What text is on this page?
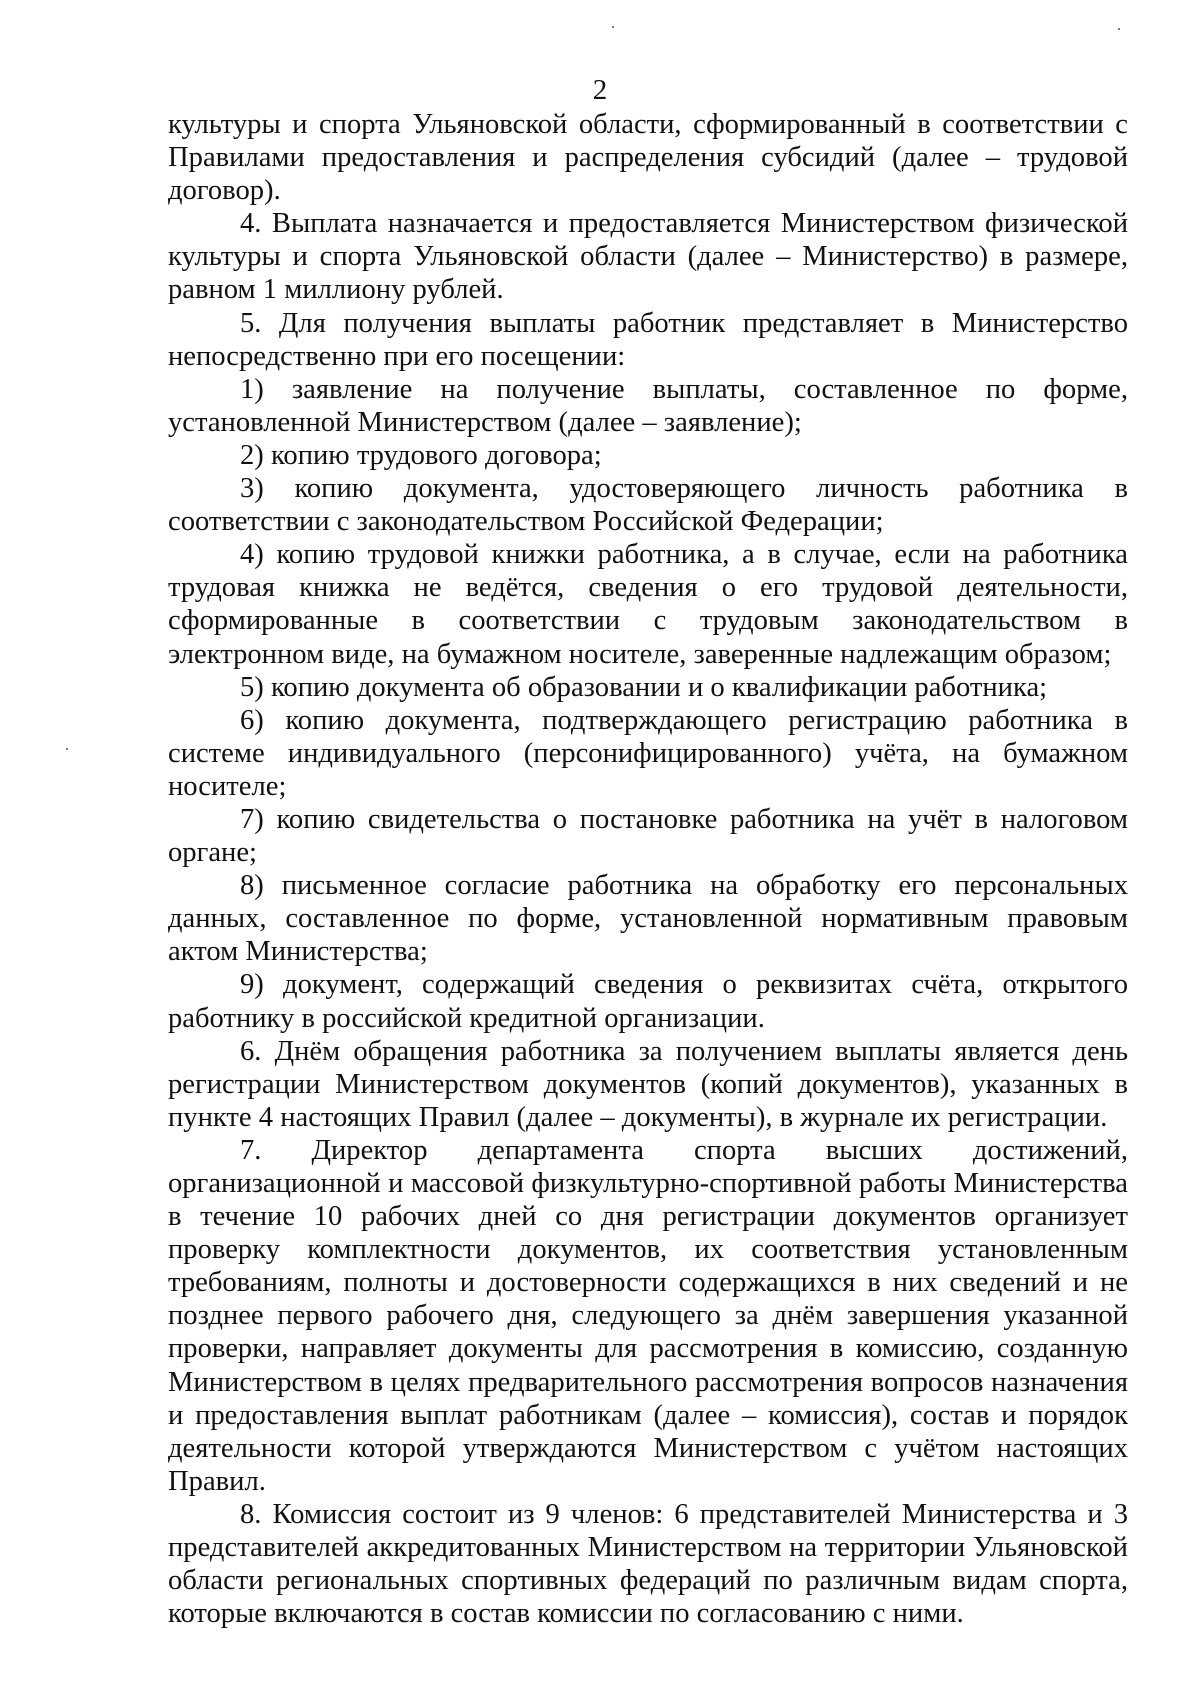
2

культуры и спорта Ульяновской области, сформированный в соответствии с Правилами предоставления и распределения субсидий (далее – трудовой договор).

4. Выплата назначается и предоставляется Министерством физической культуры и спорта Ульяновской области (далее – Министерство) в размере, равном 1 миллиону рублей.

5. Для получения выплаты работник представляет в Министерство непосредственно при его посещении:

1) заявление на получение выплаты, составленное по форме, установленной Министерством (далее – заявление);

2) копию трудового договора;

3) копию документа, удостоверяющего личность работника в соответствии с законодательством Российской Федерации;

4) копию трудовой книжки работника, а в случае, если на работника трудовая книжка не ведётся, сведения о его трудовой деятельности, сформированные в соответствии с трудовым законодательством в электронном виде, на бумажном носителе, заверенные надлежащим образом;

5) копию документа об образовании и о квалификации работника;

6) копию документа, подтверждающего регистрацию работника в системе индивидуального (персонифицированного) учёта, на бумажном носителе;

7) копию свидетельства о постановке работника на учёт в налоговом органе;

8) письменное согласие работника на обработку его персональных данных, составленное по форме, установленной нормативным правовым актом Министерства;

9) документ, содержащий сведения о реквизитах счёта, открытого работнику в российской кредитной организации.

6. Днём обращения работника за получением выплаты является день регистрации Министерством документов (копий документов), указанных в пункте 4 настоящих Правил (далее – документы), в журнале их регистрации.

7. Директор департамента спорта высших достижений, организационной и массовой физкультурно-спортивной работы Министерства в течение 10 рабочих дней со дня регистрации документов организует проверку комплектности документов, их соответствия установленным требованиям, полноты и достоверности содержащихся в них сведений и не позднее первого рабочего дня, следующего за днём завершения указанной проверки, направляет документы для рассмотрения в комиссию, созданную Министерством в целях предварительного рассмотрения вопросов назначения и предоставления выплат работникам (далее – комиссия), состав и порядок деятельности которой утверждаются Министерством с учётом настоящих Правил.

8. Комиссия состоит из 9 членов: 6 представителей Министерства и 3 представителей аккредитованных Министерством на территории Ульяновской области региональных спортивных федераций по различным видам спорта, которые включаются в состав комиссии по согласованию с ними.
